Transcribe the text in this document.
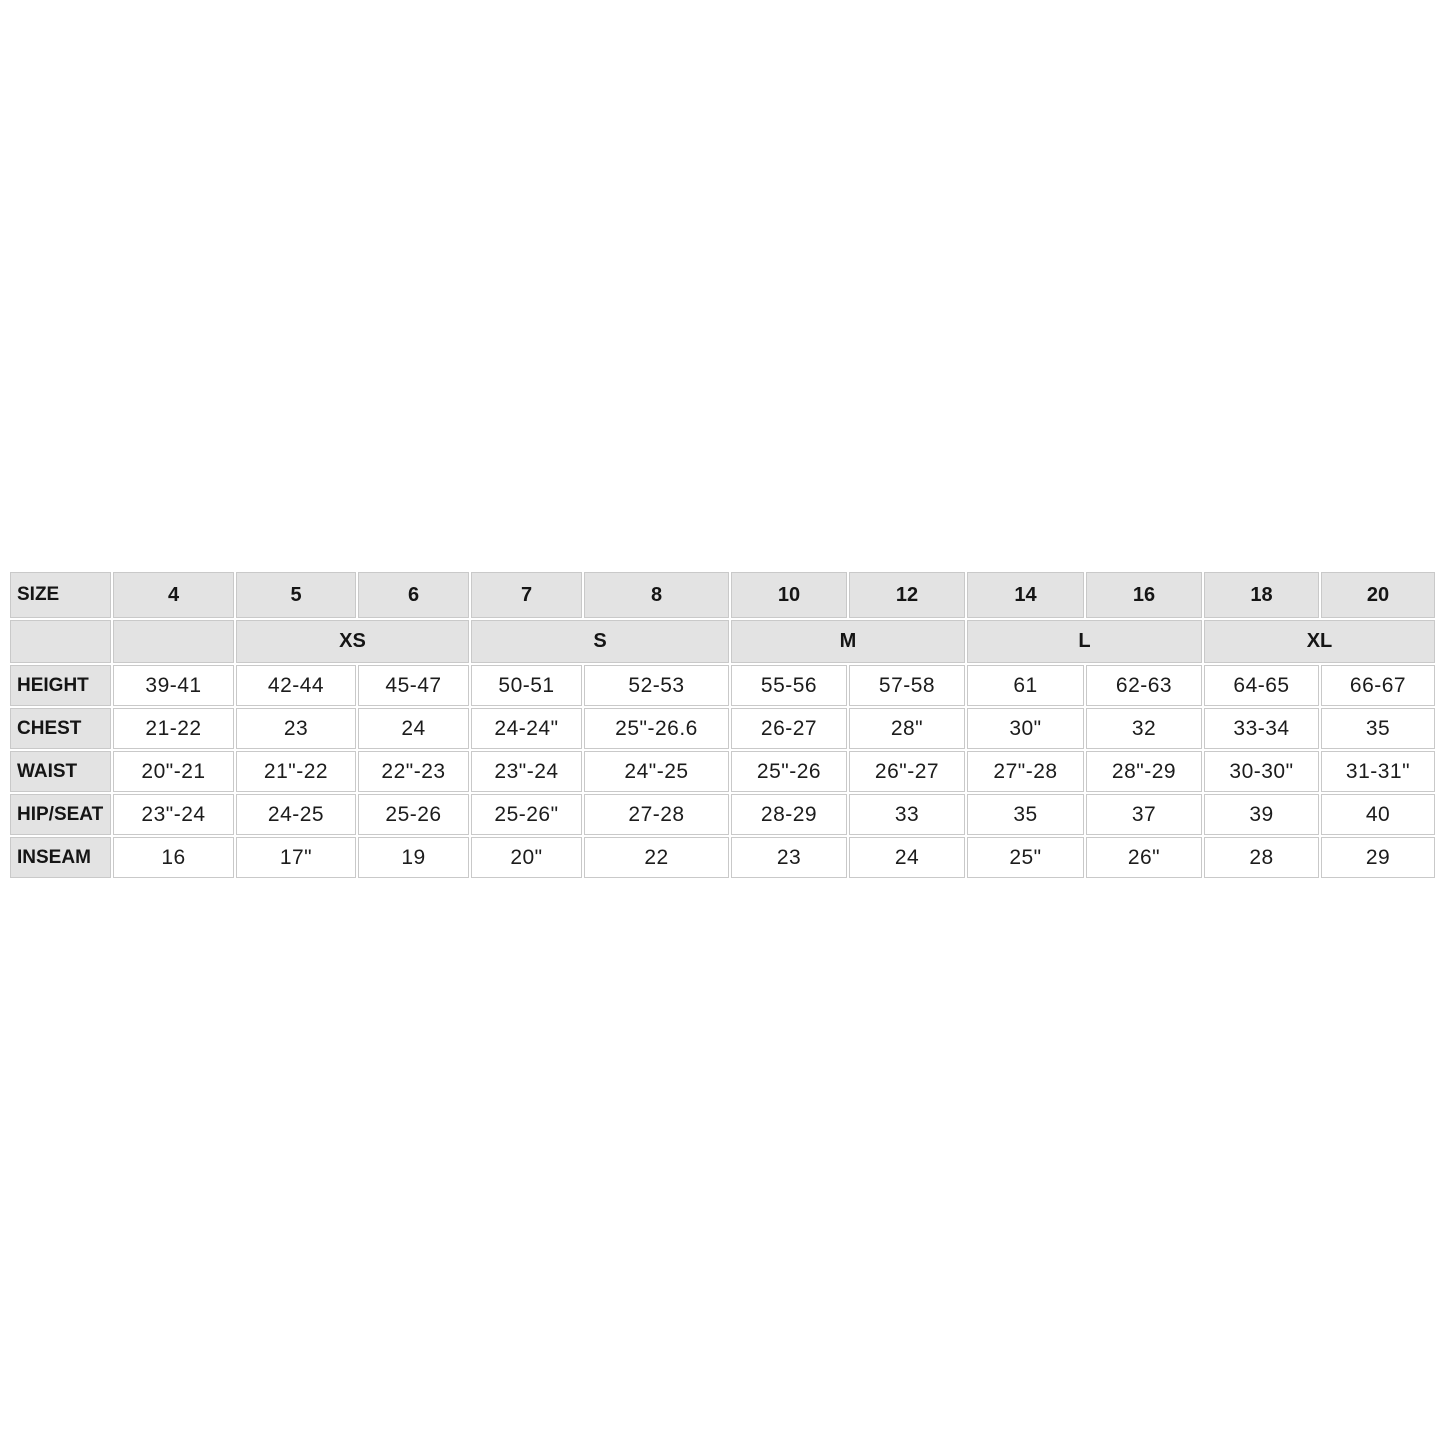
SIZE	4	5	6	7	8	10	12	14	16	18	20
		XS		S		M		L		XL	
HEIGHT	39-41	42-44	45-47	50-51	52-53	55-56	57-58	61	62-63	64-65	66-67
CHEST	21-22	23	24	24-24"	25"-26.6	26-27	28"	30"	32	33-34	35
WAIST	20"-21	21"-22	22"-23	23"-24	24"-25	25"-26	26"-27	27"-28	28"-29	30-30"	31-31"
HIP/SEAT	23"-24	24-25	25-26	25-26"	27-28	28-29	33	35	37	39	40
INSEAM	16	17"	19	20"	22	23	24	25"	26"	28	29
